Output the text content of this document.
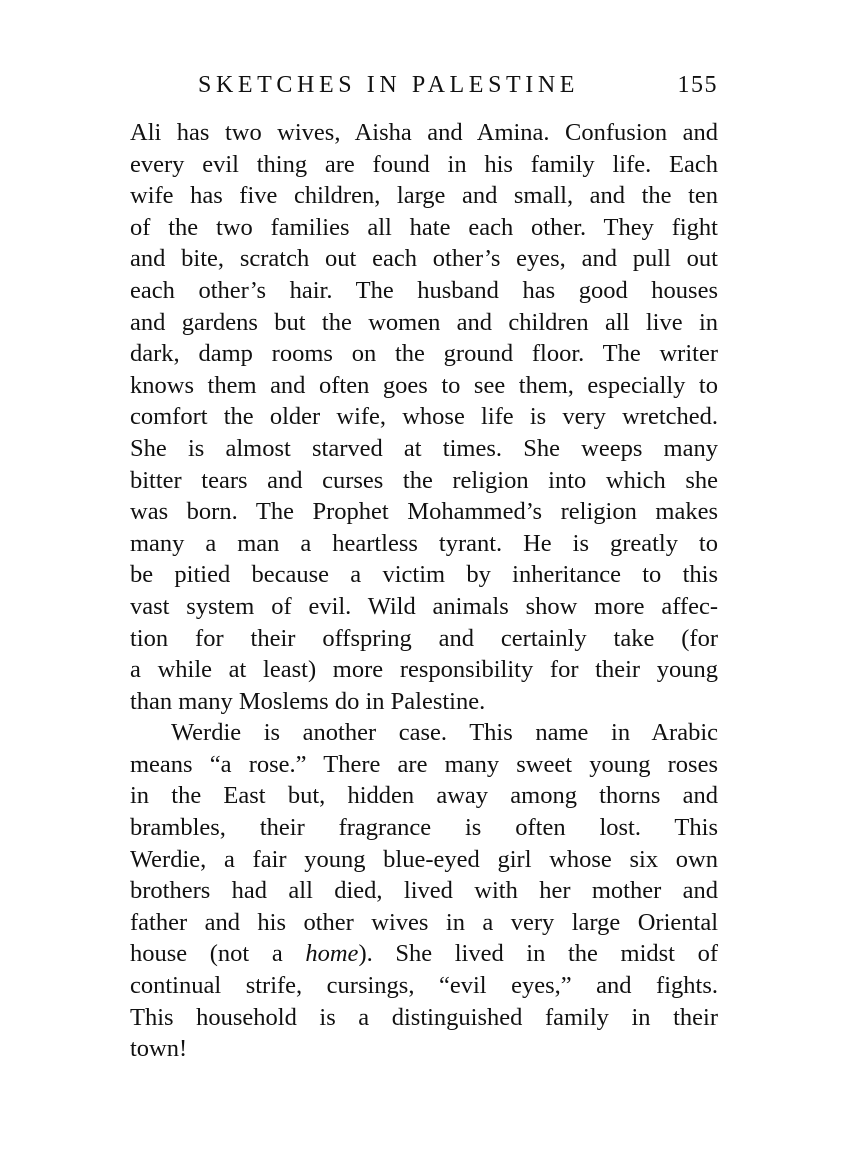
SKETCHES IN PALESTINE	155
Ali has two wives, Aisha and Amina. Confusion and
every evil thing are found in his family life. Each
wife has five children, large and small, and the ten
of the two families all hate each other. They fight
and bite, scratch out each other’s eyes, and pull out
each other’s hair. The husband has good houses
and gardens but the women and children all live in
dark, damp rooms on the ground floor. The writer
knows them and often goes to see them, especially to
comfort the older wife, whose life is very wretched.
She is almost starved at times. She weeps many
bitter tears and curses the religion into which she
was born. The Prophet Mohammed’s religion makes
many a man a heartless tyrant. He is greatly to
be pitied because a victim by inheritance to this
vast system of evil. Wild animals show more affec-
tion for their offspring and certainly take (for
a while at least) more responsibility for their young
than many Moslems do in Palestine.
Werdie is another case. This name in Arabic
means “a rose.” There are many sweet young roses
in the East but, hidden away among thorns and
brambles, their fragrance is often lost. This
Werdie, a fair young blue-eyed girl whose six own
brothers had all died, lived with her mother and
father and his other wives in a very large Oriental
house (not a home). She lived in the midst of
continual strife, cursings, “evil eyes,” and fights.
This household is a distinguished family in their
town!
